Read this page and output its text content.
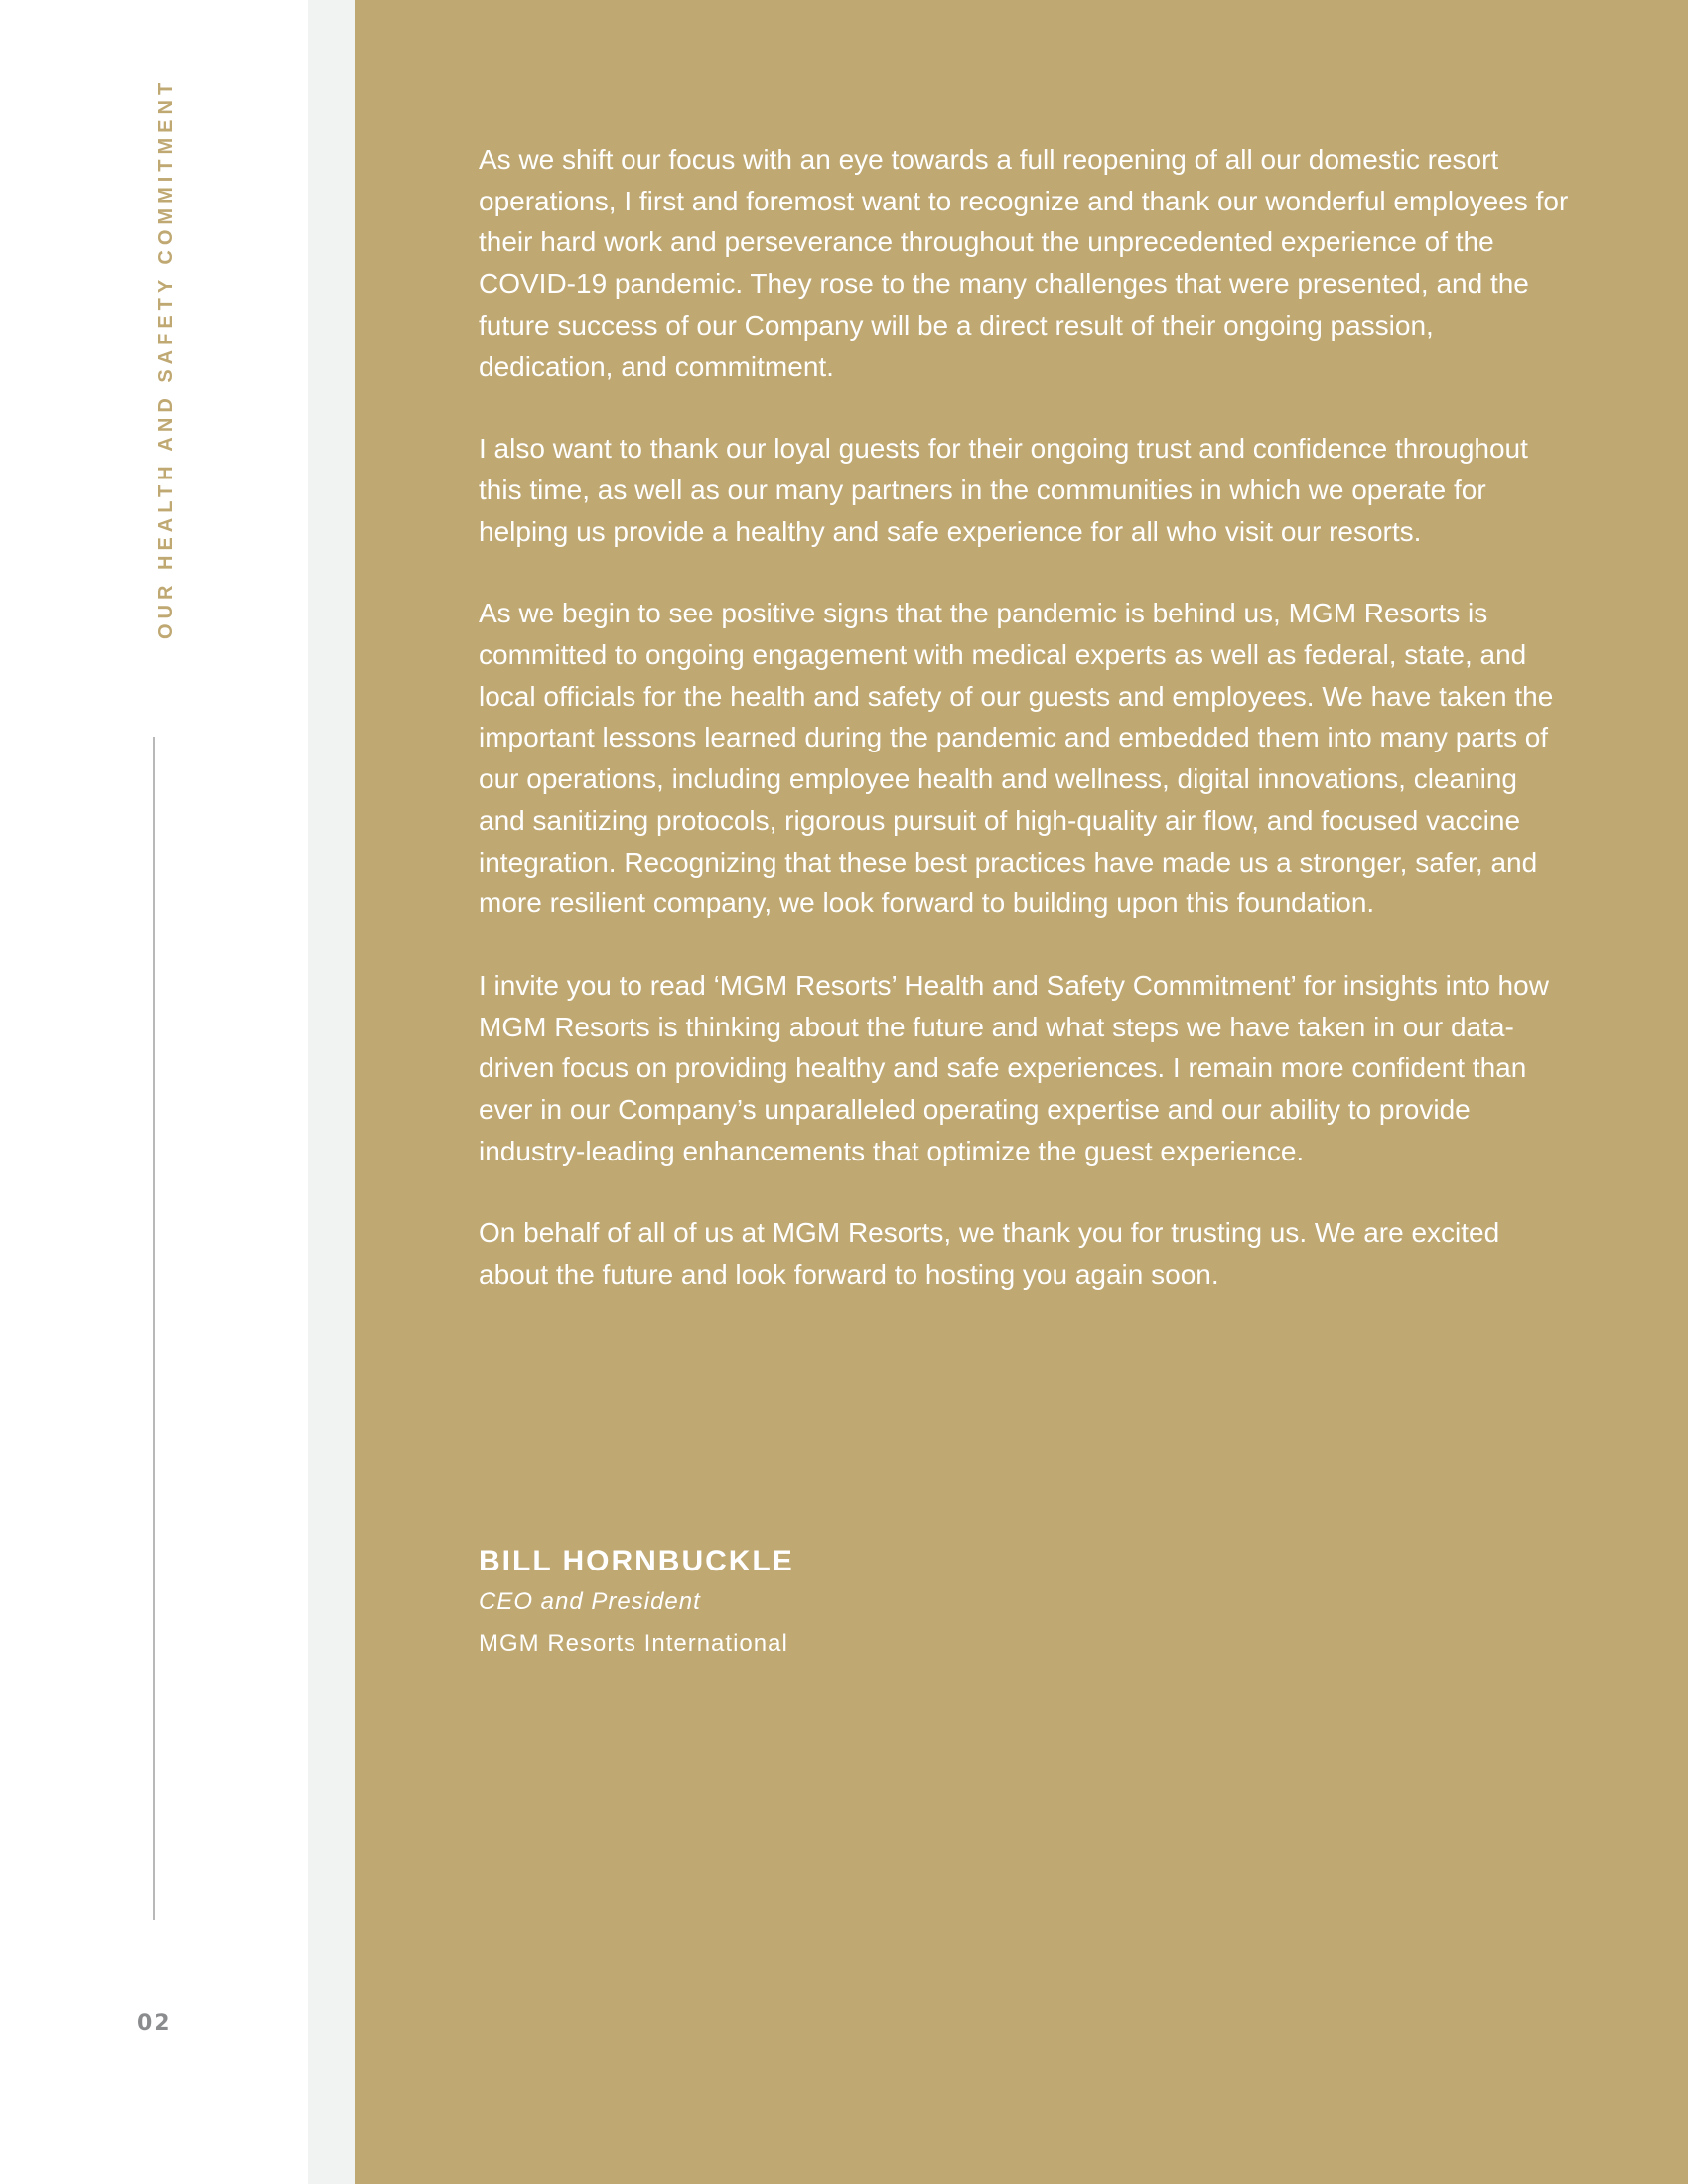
OUR HEALTH AND SAFETY COMMITMENT
02

As we shift our focus with an eye towards a full reopening of all our domestic resort operations, I first and foremost want to recognize and thank our wonderful employees for their hard work and perseverance throughout the unprecedented experience of the COVID-19 pandemic. They rose to the many challenges that were presented, and the future success of our Company will be a direct result of their ongoing passion, dedication, and commitment.

I also want to thank our loyal guests for their ongoing trust and confidence throughout this time, as well as our many partners in the communities in which we operate for helping us provide a healthy and safe experience for all who visit our resorts.

As we begin to see positive signs that the pandemic is behind us, MGM Resorts is committed to ongoing engagement with medical experts as well as federal, state, and local officials for the health and safety of our guests and employees. We have taken the important lessons learned during the pandemic and embedded them into many parts of our operations, including employee health and wellness, digital innovations, cleaning and sanitizing protocols, rigorous pursuit of high-quality air flow, and focused vaccine integration. Recognizing that these best practices have made us a stronger, safer, and more resilient company, we look forward to building upon this foundation.

I invite you to read ‘MGM Resorts’ Health and Safety Commitment’ for insights into how MGM Resorts is thinking about the future and what steps we have taken in our data-driven focus on providing healthy and safe experiences. I remain more confident than ever in our Company’s unparalleled operating expertise and our ability to provide industry-leading enhancements that optimize the guest experience.

On behalf of all of us at MGM Resorts, we thank you for trusting us. We are excited about the future and look forward to hosting you again soon.

BILL HORNBUCKLE
CEO and President
MGM Resorts International
